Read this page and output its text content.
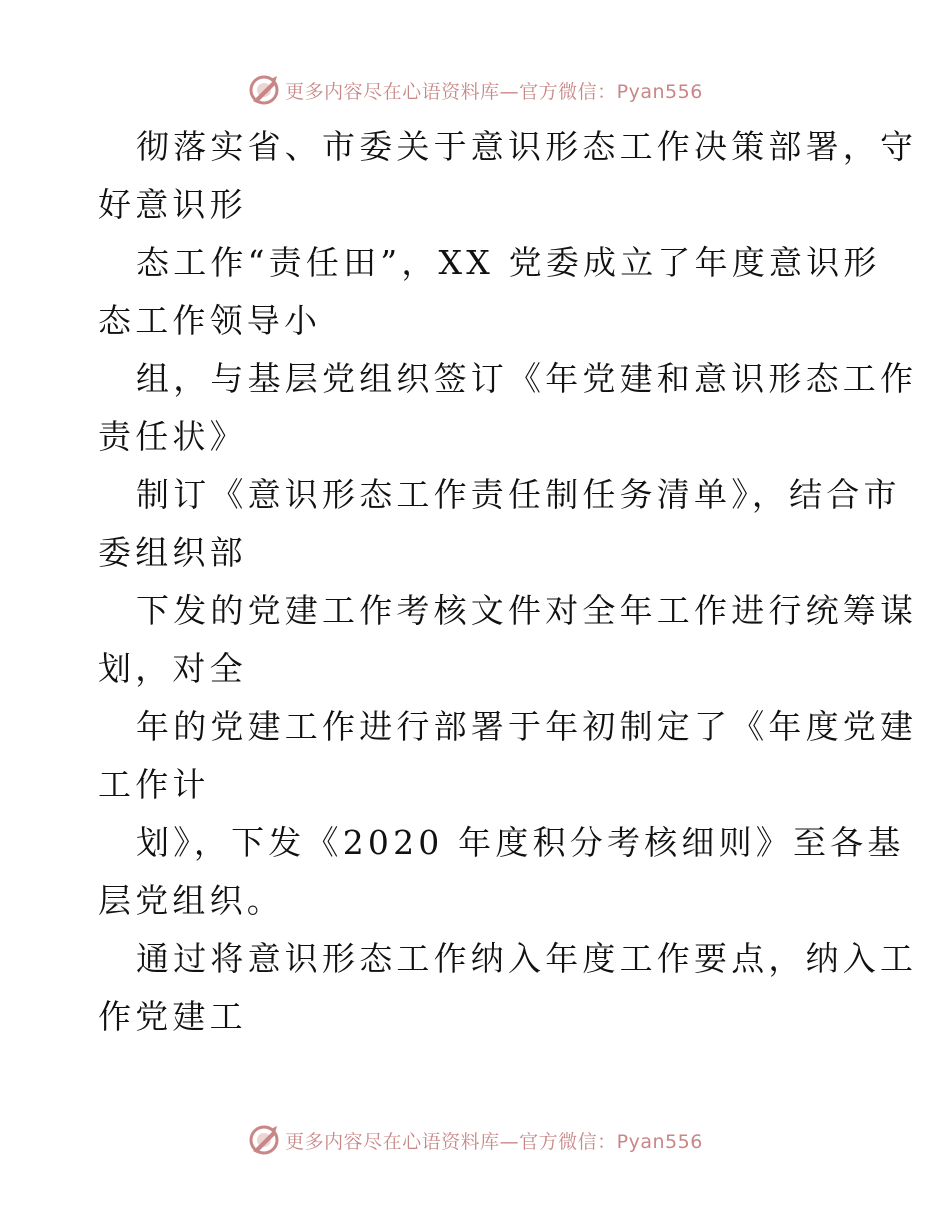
更多内容尽在心语资料库—官方微信：Pyan556

彻落实省、市委关于意识形态工作决策部署，守
好意识形

态工作“责任田”，XX 党委成立了年度意识形
态工作领导小

组，与基层党组织签订《年党建和意识形态工作
责任状》

制订《意识形态工作责任制任务清单》，结合市
委组织部

下发的党建工作考核文件对全年工作进行统筹谋
划，对全

年的党建工作进行部署于年初制定了《年度党建
工作计

划》，下发《2020 年度积分考核细则》至各基
层党组织。

通过将意识形态工作纳入年度工作要点，纳入工
作党建工

更多内容尽在心语资料库—官方微信：Pyan556
